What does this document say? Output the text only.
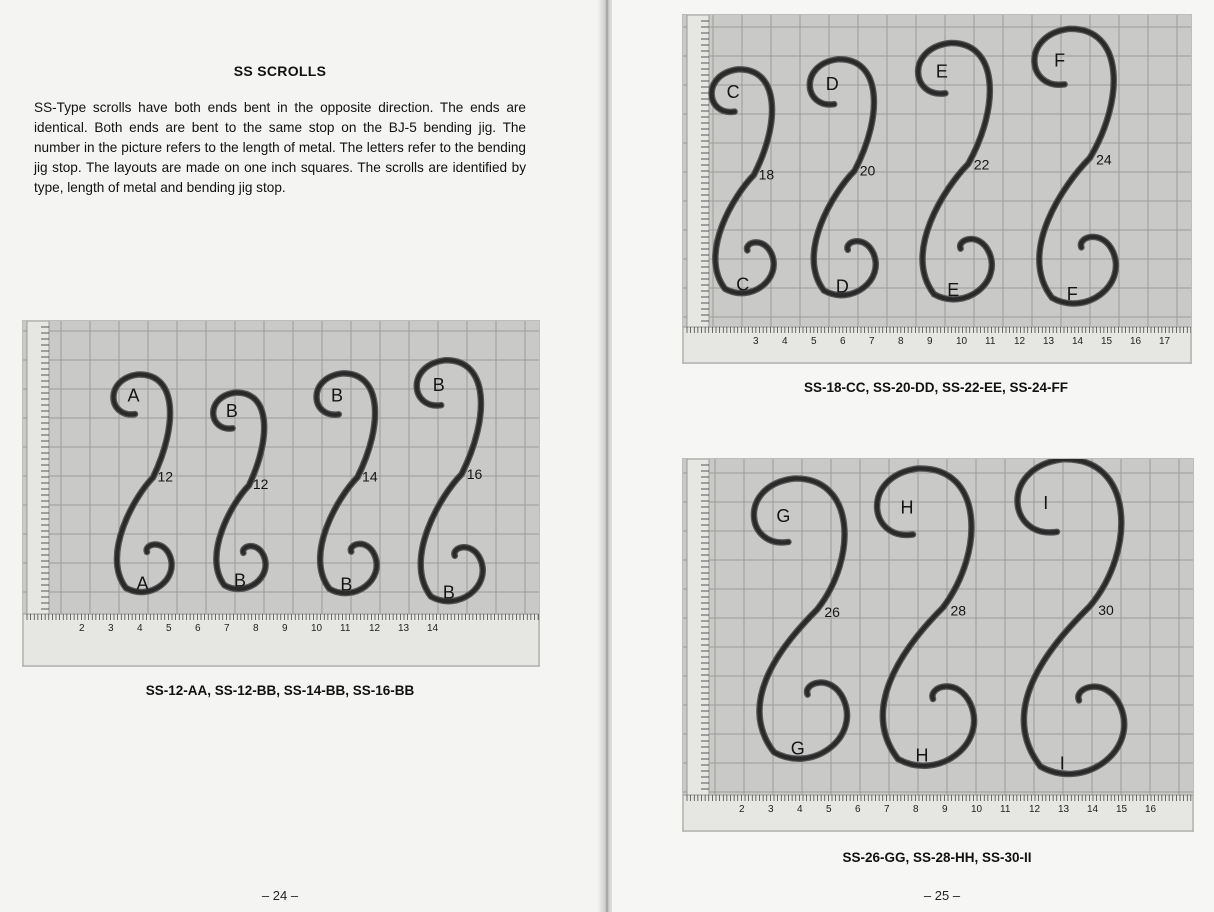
SS SCROLLS

SS-Type scrolls have both ends bent in the opposite direction. The ends are identical. Both ends are bent to the same stop on the BJ-5 bending jig. The number in the picture refers to the length of metal. The letters refer to the bending jig stop. The layouts are made on one inch squares. The scrolls are identified by type, length of metal and bending jig stop.

2 3 4 5 6 7 8 9 10 11 12 13 14
A
A
12
B
B
12
B
B
14
B
B
16
SS-12-AA, SS-12-BB, SS-14-BB, SS-16-BB
– 24 –
3 4 5 6 7 8 9 10 11 12 13 14 15 16 17
C
C
18
D
D
20
E
E
22
F
F
24
SS-18-CC, SS-20-DD, SS-22-EE, SS-24-FF
2 3 4 5 6 7 8 9 10 11 12 13 14 15 16
G
G
26
H
H
28
I
I
30
SS-26-GG, SS-28-HH, SS-30-II
– 25 –
